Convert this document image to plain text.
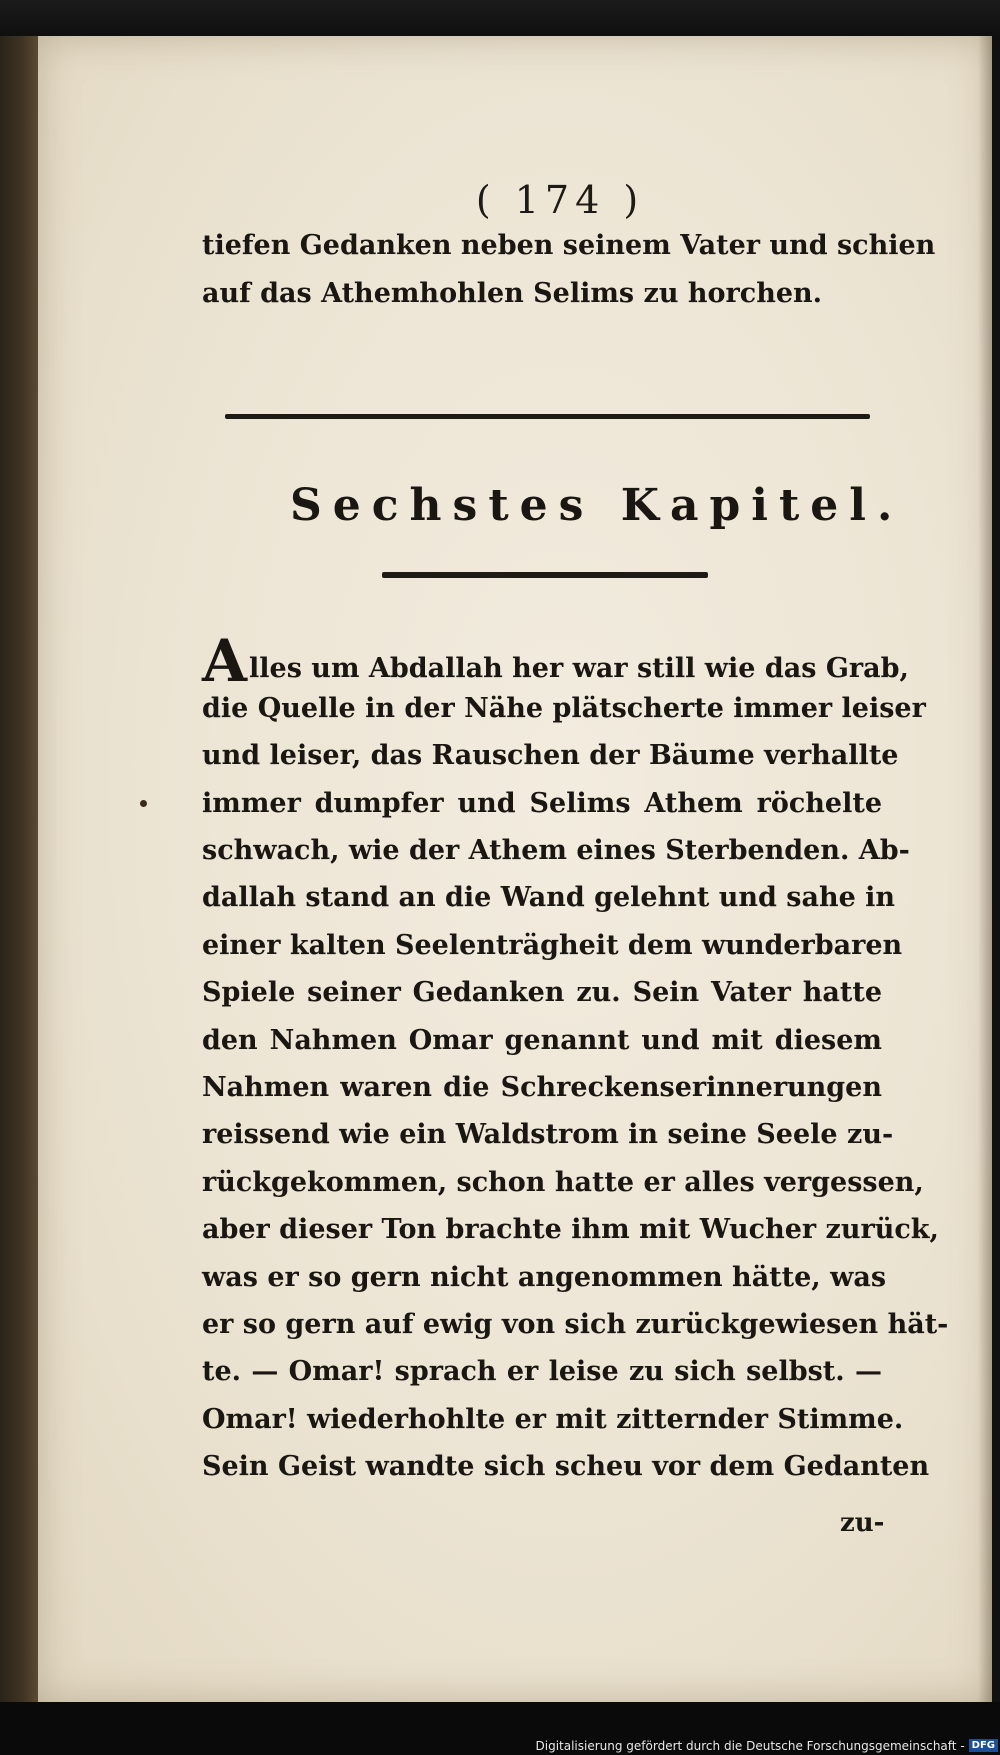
( 174 )
tiefen Gedanken neben seinem Vater und schien
auf das Athemhohlen Selims zu horchen.
Sechstes Kapitel.
Alles um Abdallah her war still wie das Grab,
die Quelle in der Nähe plätscherte immer leiser
und leiser, das Rauschen der Bäume verhallte
immer dumpfer und Selims Athem röchelte
schwach, wie der Athem eines Sterbenden. Ab-
dallah stand an die Wand gelehnt und sahe in
einer kalten Seelenträgheit dem wunderbaren
Spiele seiner Gedanken zu. Sein Vater hatte
den Nahmen Omar genannt und mit diesem
Nahmen waren die Schreckenserinnerungen
reissend wie ein Waldstrom in seine Seele zu-
rückgekommen, schon hatte er alles vergessen,
aber dieser Ton brachte ihm mit Wucher zurück,
was er so gern nicht angenommen hätte, was
er so gern auf ewig von sich zurückgewiesen hät-
te. — Omar! sprach er leise zu sich selbst. —
Omar! wiederhohlte er mit zitternder Stimme.
Sein Geist wandte sich scheu vor dem Gedanten
zu-
Digitalisierung gefördert durch die Deutsche Forschungsgemeinschaft - DFG
